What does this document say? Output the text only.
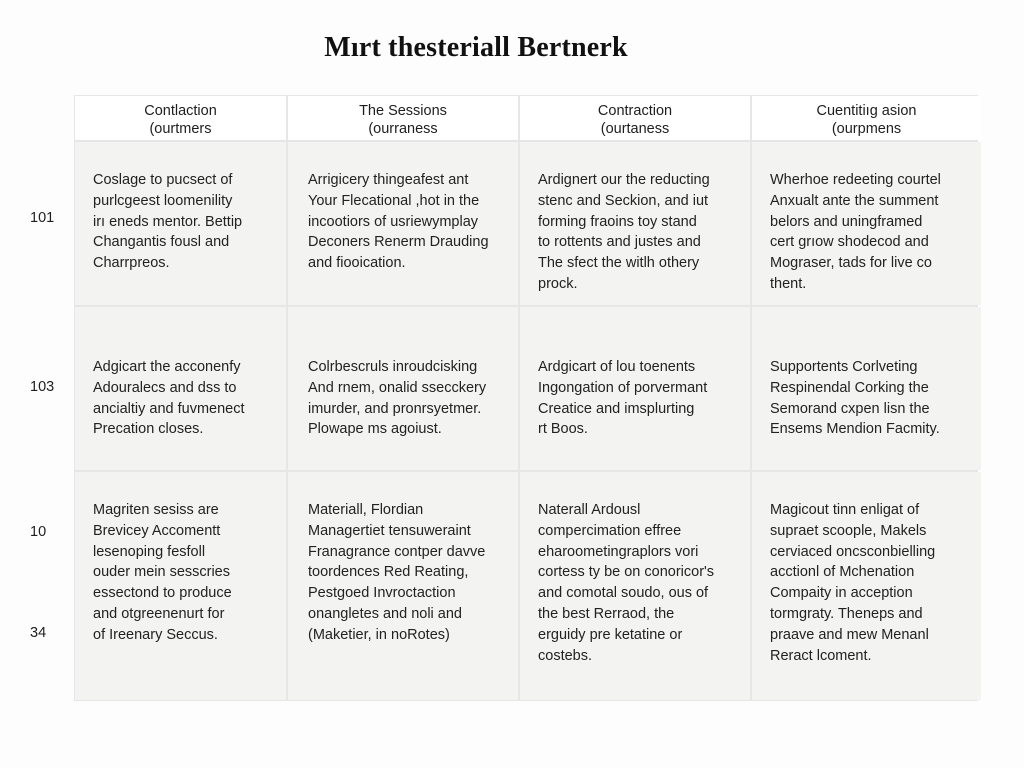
Mırt thesteriall Bertnerk
Contlaction
(ourtmers
The Sessions
(ourraness
Contraction
(ourtaness
Cuentitiıg asion
(ourpmens
Coslage to pucsect of
purlcgeest loomenility
irı eneds mentor. Bettip
Changantis fousl and
Charrpreos.
Arrigicery thingeafest ant
Your Flecational ,hot in the
incootiors of usriewymplay
Deconers Renerm Drauding
and fiooication.
Ardignert our the reducting
stenc and Seckion, and iut
forming fraoins toy stand
to rottents and justes and
The sfect the witlh othery
prock.
Wherhoe redeeting courtel
Anxualt ante the summent
belors and uningframed
cert grıow shodecod and
Mograser, tads for live co
thent.
Adgicart the acconenfy
Adouralecs and dss to
ancialtiy and fuvmenect
Precation closes.
Colrbescruls inroudcisking
And rnem, onalid ssecckery
imurder, and pronrsyetmer.
Plowape ms agoiust.
Ardgicart of lou toenents
Ingongation of porvermant
Creatice and imsplurting
rt Boos.
Supportents Corlveting
Respinendal Corking the
Semorand cxpen lisn the
Ensems Mendion Facmity.
Magriten sesiss are
Brevicey Accomentt
lesenoping fesfoll
ouder mein sesscries
essectond to produce
and otgreenenurt for
of Ireenary Seccus.
Materiall, Flordian
Managertiet tensuweraint
Franagrance contper davve
toordences Red Reating,
Pestgoed Invroctaction
onangletes and noli and
(Maketier, in noRotes)
Naterall Ardousl
compercimation effree
eharoometingraplors vori
cortess ty be on conoricor's
and comotal soudo, ous of
the best Rerraod, the
erguidy pre ketatine or
costebs.
Magicout tinn enligat of
supraet scoople, Makels
cerviaced oncsconbielling
acctionl of Mchenation
Compaity in acception
tormgraty. Theneps and
praave and mew Menanl
Reract lcoment.
101
103
10
34
